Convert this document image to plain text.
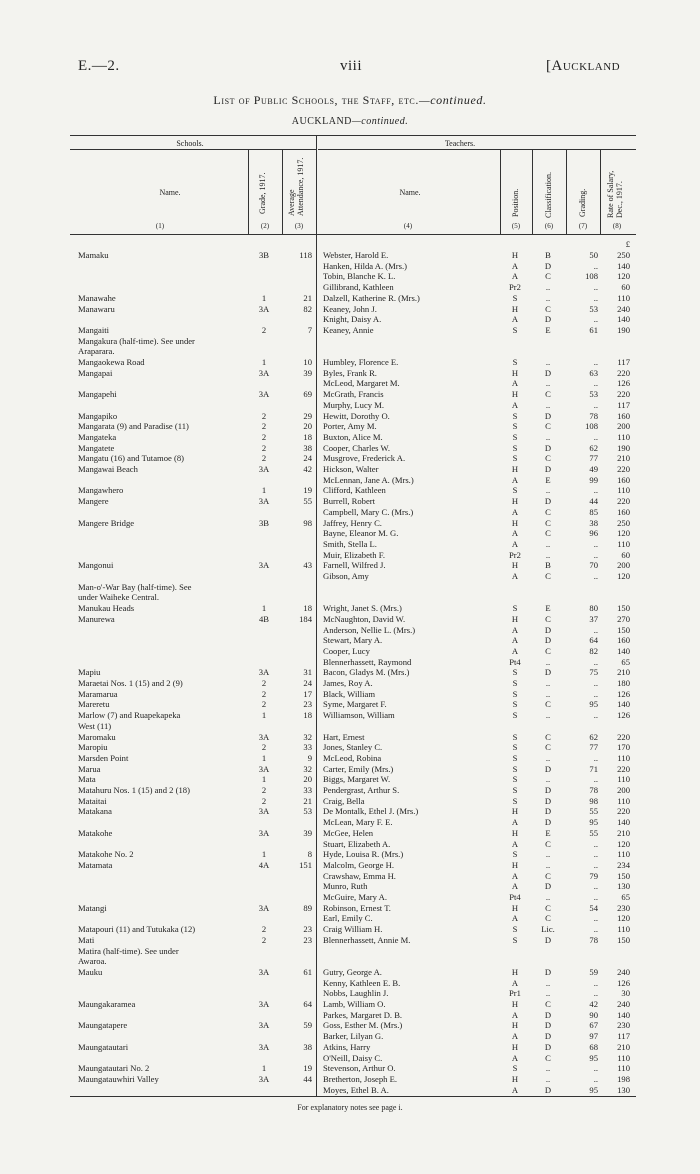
E.—2.	viii	[Auckland
List of Public Schools, the Staff, etc.—continued.
AUCKLAND—continued.
Schools.	Teachers.
Name.	Grade, 1917.	Average Attendance, 1917.	Name.	Position.	Classification.	Grading. Rate of Salary, Dec., 1917.
(1)	(2)	(3)	(4)	(5)	(6)	(7)	(8)
£
Mamaku	3B	118 Webster, Harold E.	H	B	50	250
Hanken, Hilda A. (Mrs.)	A	D	..	140
Tobin, Blanche K. L.	A	C	108	120
Gillibrand, Kathleen	Pr2	..	..	60
Manawahe	1	21 Dalzell, Katherine R. (Mrs.)	S	..	..	110
Manawaru	3A	82 Keaney, John J.	H	C	53	240
Knight, Daisy A.	A	D	..	140
Mangaiti	2	7 Keaney, Annie	S	E	61	190
Mangakura (half-time). See under
Araparara.
Mangaokewa Road	1	10 Humbley, Florence E.	S	..	..	117
Mangapai	3A	39 Byles, Frank R.	H	D	63	220
McLeod, Margaret M.	A	..	..	126
Mangapehi	3A	69 McGrath, Francis	H	C	53	220
Murphy, Lucy M.	A	..	..	117
Mangapiko	2	29 Hewitt, Dorothy O.	S	D	78	160
Mangarata (9) and Paradise (11)	2	20 Porter, Amy M.	S	C	108	200
Mangateka	2	18 Buxton, Alice M.	S	..	..	110
Mangatete	2	38 Cooper, Charles W.	S	D	62	190
Mangatu (16) and Tutamoe (8)	2	24 Musgrove, Frederick A.	S	C	77	210
Mangawai Beach	3A	42 Hickson, Walter	H	D	49	220
McLennan, Jane A. (Mrs.)	A	E	99	160
Mangawhero	1	19 Clifford, Kathleen	S	..	..	110
Mangere	3A	55 Burrell, Robert	H	D	44	220
Campbell, Mary C. (Mrs.)	A	C	85	160
Mangere Bridge	3B	98 Jaffrey, Henry C.	H	C	38	250
Bayne, Eleanor M. G.	A	C	96	120
Smith, Stella L.	A	..	..	110
Muir, Elizabeth F.	Pr2	..	..	60
Mangonui	3A	43 Farnell, Wilfred J.	H	B	70	200
Gibson, Amy	A	C	..	120
Man-o'-War Bay (half-time). See
under Waiheke Central.
Manukau Heads	1	18 Wright, Janet S. (Mrs.)	S	E	80	150
Manurewa	4B	184 McNaughton, David W.	H	C	37	270
Anderson, Nellie L. (Mrs.)	A	D	..	150
Stewart, Mary A.	A	D	64	160
Cooper, Lucy	A	C	82	140
Blennerhassett, Raymond	Pt4	..	..	65
Mapiu	3A	31 Bacon, Gladys M. (Mrs.)	S	D	75	210
Maraetai Nos. 1 (15) and 2 (9)	2	24 James, Roy A.	S	..	..	180
Maramarua	2	17 Black, William	S	..	..	126
Mareretu	2	23 Syme, Margaret F.	S	C	95	140
Marlow (7) and Ruapekapeka	1	18 Williamson, William	S	..	..	126
West (11)
Maromaku	3A	32 Hart, Ernest	S	C	62	220
Maropiu	2	33 Jones, Stanley C.	S	C	77	170
Marsden Point	1	9 McLeod, Robina	S	..	..	110
Marua	3A	32 Carter, Emily (Mrs.)	S	D	71	220
Mata	1	20 Biggs, Margaret W.	S	..	..	110
Matahuru Nos. 1 (15) and 2 (18)	2	33 Pendergrast, Arthur S.	S	D	78	200
Mataitai	2	21 Craig, Bella	S	D	98	110
Matakana	3A	53 De Montalk, Ethel J. (Mrs.)	H	D	55	220
McLean, Mary F. E.	A	D	95	140
Matakohe	3A	39 McGee, Helen	H	E	55	210
Stuart, Elizabeth A.	A	C	..	120
Matakohe No. 2	1	8 Hyde, Louisa R. (Mrs.)	S	..	..	110
Matamata	4A	151 Malcolm, George H.	H	..	..	234
Crawshaw, Emma H.	A	C	79	150
Munro, Ruth	A	D	..	130
McGuire, Mary A.	Pt4	..	..	65
Matangi	3A	89 Robinson, Ernest T.	H	C	54	230
Earl, Emily C.	A	C	..	120
Matapouri (11) and Tutukaka (12)	2	23 Craig William H.	S	Lic.	..	110
Mati	2	23 Blennerhassett, Annie M.	S	D	78	150
Matira (half-time). See under
Awaroa.
Mauku	3A	61 Gutry, George A.	H	D	59	240
Kenny, Kathleen E. B.	A	..	..	126
Nobbs, Laughlin J.	Pr1	..	..	30
Maungakaramea	3A	64 Lamb, William O.	H	C	42	240
Parkes, Margaret D. B.	A	D	90	140
Maungatapere	3A	59 Goss, Esther M. (Mrs.)	H	D	67	230
Barker, Lilyan G.	A	D	97	117
Maungatautari	3A	38 Atkins, Harry	H	D	68	210
O'Neill, Daisy C.	A	C	95	110
Maungatautari No. 2	1	19 Stevenson, Arthur O.	S	..	..	110
Maungatauwhiri Valley	3A	44 Bretherton, Joseph E.	H	..	..	198
Moyes, Ethel B. A.	A	D	95	130
For explanatory notes see page i.
